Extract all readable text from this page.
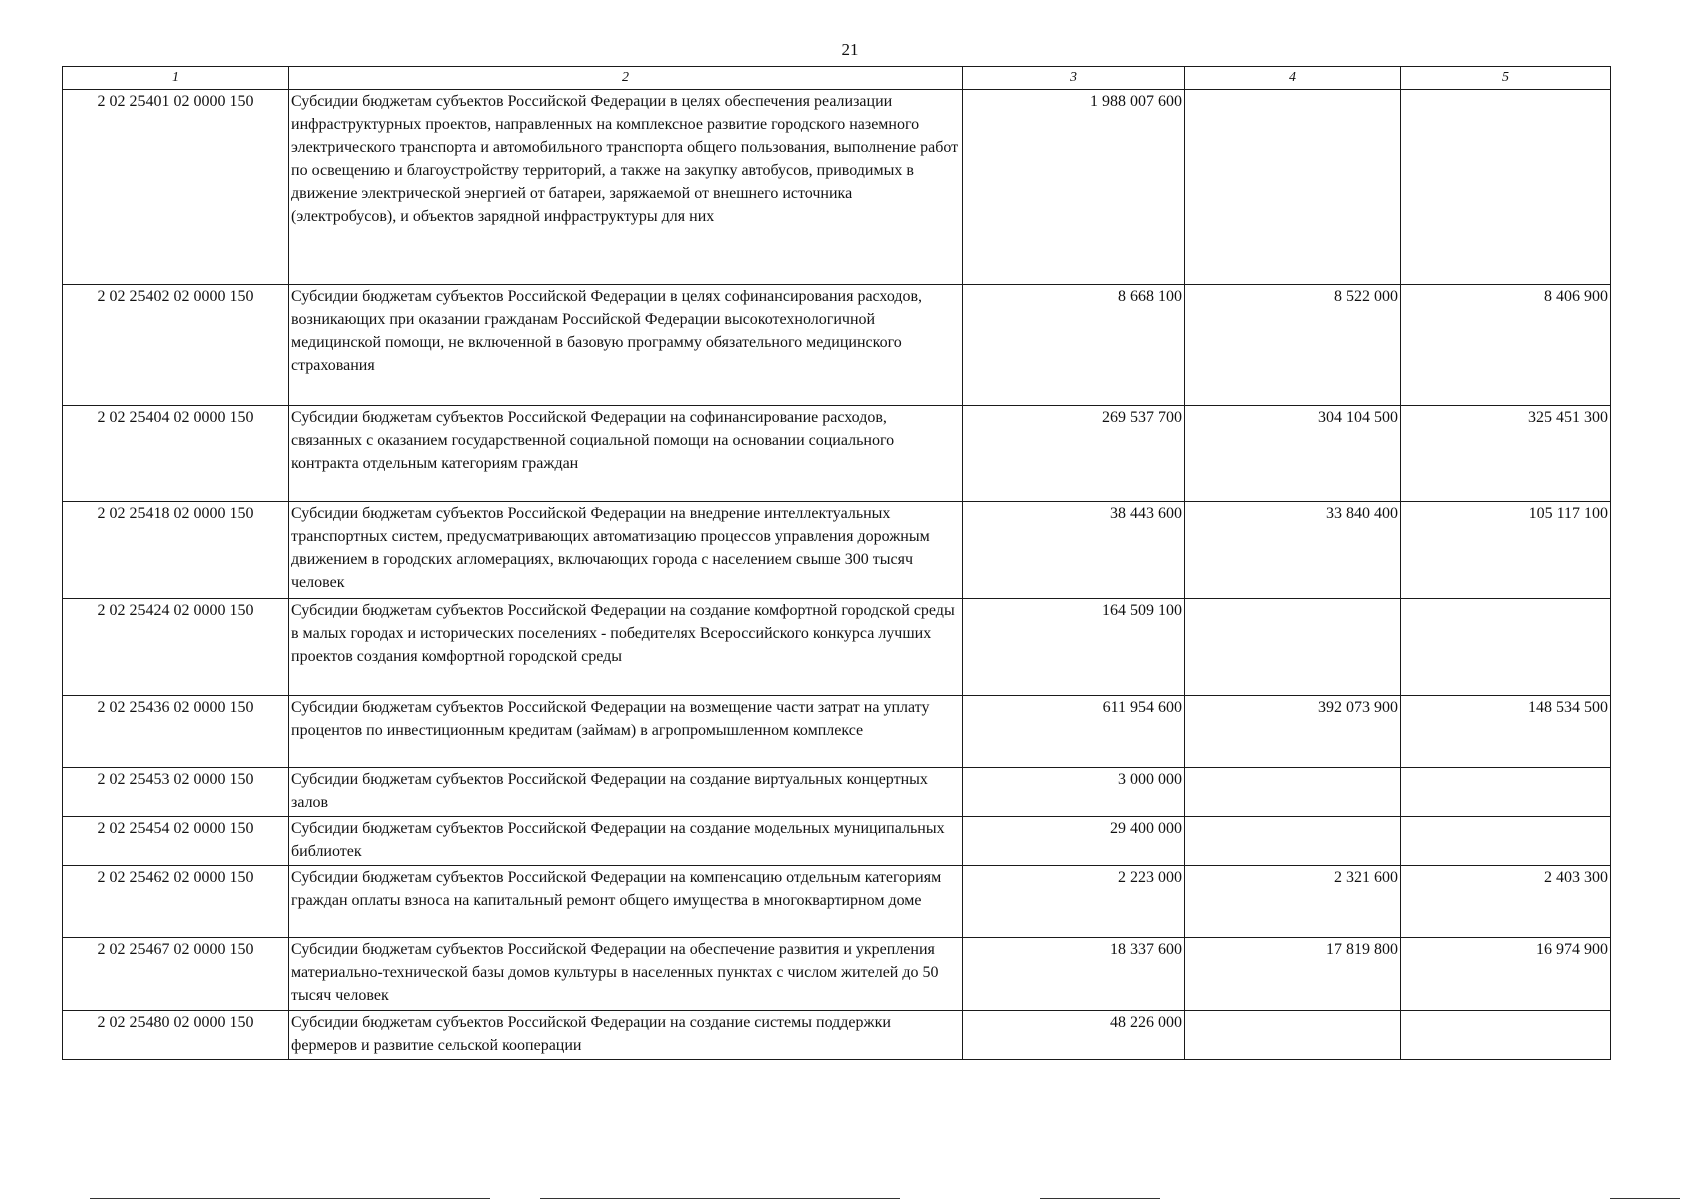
21
1	2	3	4	5
2 02 25401 02 0000 150	Субсидии бюджетам субъектов Российской Федерации в целях обеспечения реализации инфраструктурных проектов, направленных на комплексное развитие городского наземного электрического транспорта и автомобильного транспорта общего пользования, выполнение работ по освещению и благоустройству территорий, а также на закупку автобусов, приводимых в движение электрической энергией от батареи, заряжаемой от внешнего источника (электробусов), и объектов зарядной инфраструктуры для них	1 988 007 600		
2 02 25402 02 0000 150	Субсидии бюджетам субъектов Российской Федерации в целях софинансирования расходов, возникающих при оказании гражданам Российской Федерации высокотехнологичной медицинской помощи, не включенной в базовую программу обязательного медицинского страхования	8 668 100	8 522 000	8 406 900
2 02 25404 02 0000 150	Субсидии бюджетам субъектов Российской Федерации на софинансирование расходов, связанных с оказанием государственной социальной помощи на основании социального контракта отдельным категориям граждан	269 537 700	304 104 500	325 451 300
2 02 25418 02 0000 150	Субсидии бюджетам субъектов Российской Федерации на внедрение интеллектуальных транспортных систем, предусматривающих автоматизацию процессов управления дорожным движением в городских агломерациях, включающих города с населением свыше 300 тысяч человек	38 443 600	33 840 400	105 117 100
2 02 25424 02 0000 150	Субсидии бюджетам субъектов Российской Федерации на создание комфортной городской среды в малых городах и исторических поселениях - победителях Всероссийского конкурса лучших проектов создания комфортной городской среды	164 509 100		
2 02 25436 02 0000 150	Субсидии бюджетам субъектов Российской Федерации на возмещение части затрат на уплату процентов по инвестиционным кредитам (займам) в агропромышленном комплексе	611 954 600	392 073 900	148 534 500
2 02 25453 02 0000 150	Субсидии бюджетам субъектов Российской Федерации на создание виртуальных концертных залов	3 000 000		
2 02 25454 02 0000 150	Субсидии бюджетам субъектов Российской Федерации на создание модельных муниципальных библиотек	29 400 000		
2 02 25462 02 0000 150	Субсидии бюджетам субъектов Российской Федерации на компенсацию отдельным категориям граждан оплаты взноса на капитальный ремонт общего имущества в многоквартирном доме	2 223 000	2 321 600	2 403 300
2 02 25467 02 0000 150	Субсидии бюджетам субъектов Российской Федерации на обеспечение развития и укрепления материально-технической базы домов культуры в населенных пунктах с числом жителей до 50 тысяч человек	18 337 600	17 819 800	16 974 900
2 02 25480 02 0000 150	Субсидии бюджетам субъектов Российской Федерации на создание системы поддержки фермеров и развитие сельской кооперации	48 226 000		
